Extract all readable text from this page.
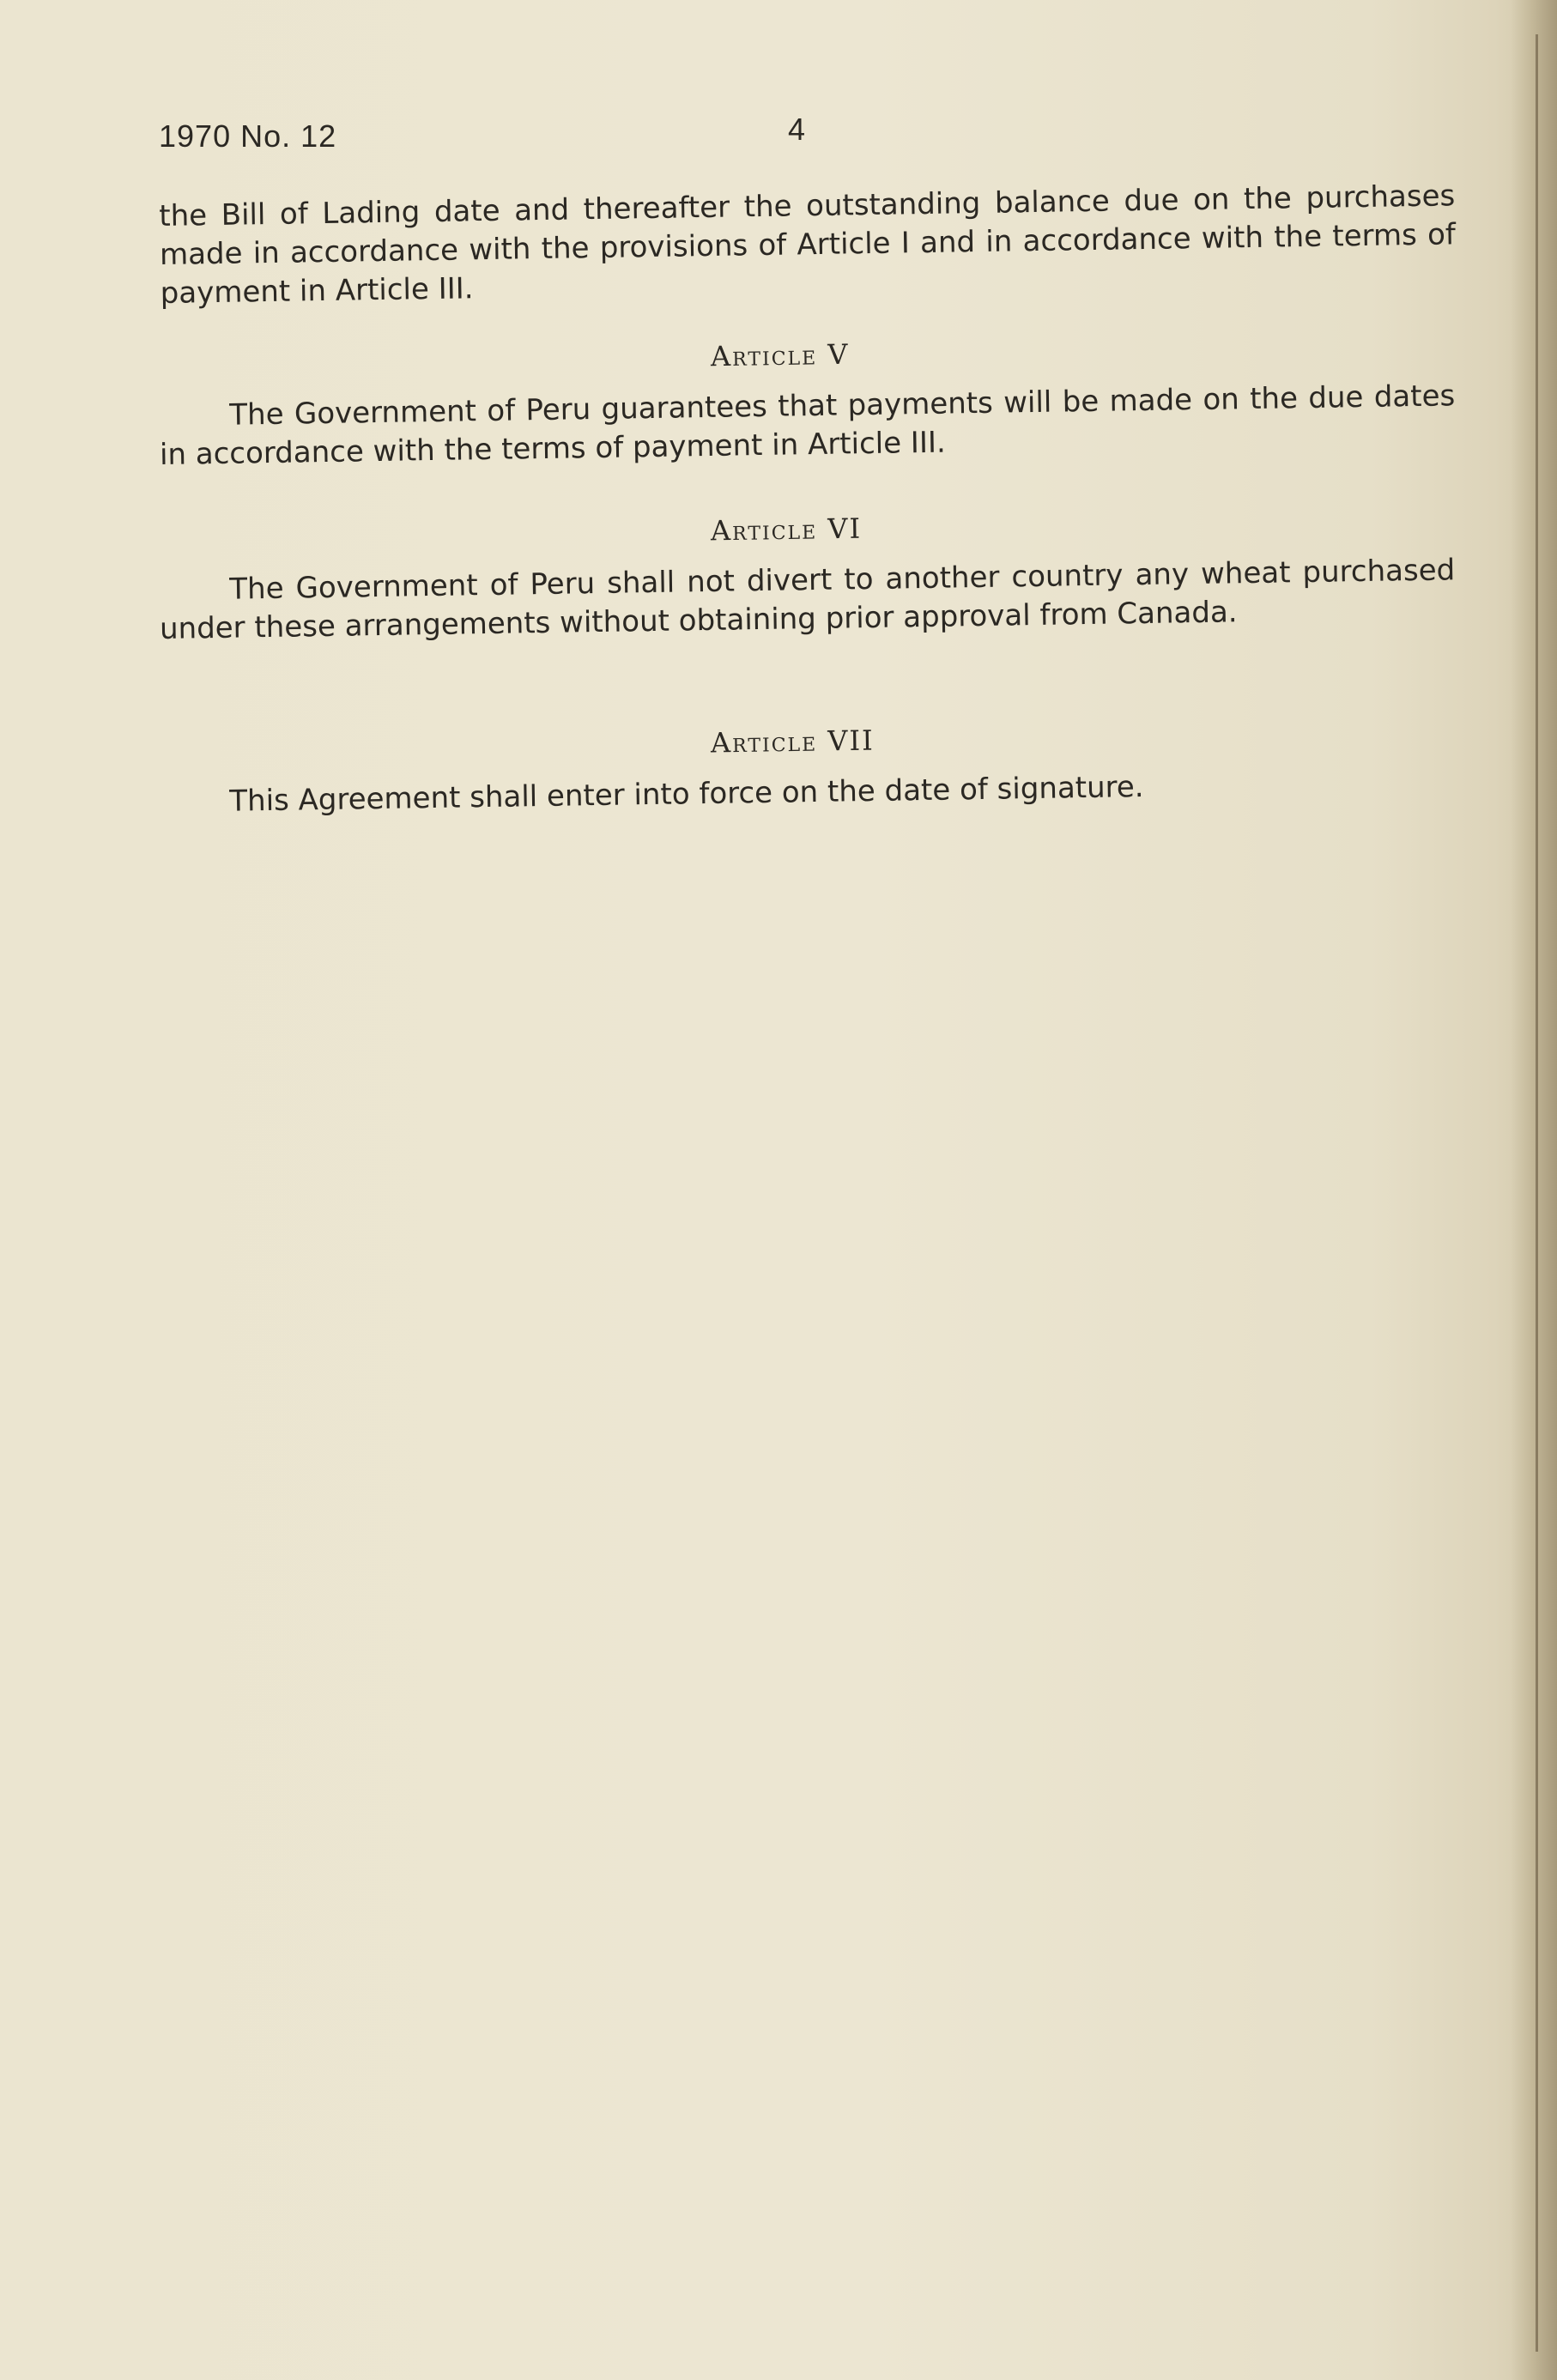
1970 No. 12	4

the Bill of Lading date and thereafter the outstanding balance due on the purchases made in accordance with the provisions of Article I and in accordance with the terms of payment in Article III.

Article V

The Government of Peru guarantees that payments will be made on the due dates in accordance with the terms of payment in Article III.

Article VI

The Government of Peru shall not divert to another country any wheat purchased under these arrangements without obtaining prior approval from Canada.

Article VII

This Agreement shall enter into force on the date of signature.
